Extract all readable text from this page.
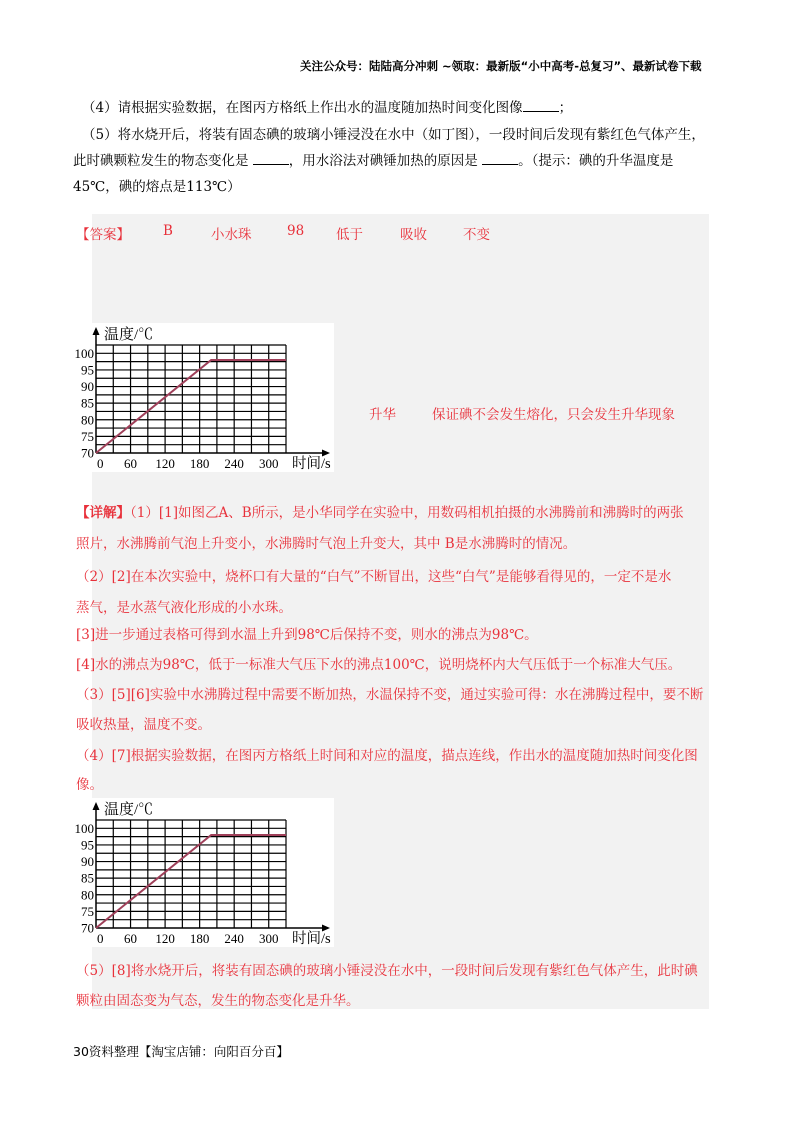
关注公众号：陆陆高分冲刺 ~领取：最新版“小中高考-总复习”、最新试卷下载
（4）请根据实验数据，在图丙方格纸上作出水的温度随加热时间变化图像	；
（5）将水烧开后，将装有固态碘的玻璃小锤浸没在水中（如丁图），一段时间后发现有紫红色气体产生，
此时碘颗粒发生的物态变化是	，用水浴法对碘锤加热的原因是	。（提示：碘的升华温度是
45℃，碘的熔点是113℃）
【答案】 B	小水珠	98 低于	吸收	不变
温度/℃
时间/s
70
75
80
85
90
95
100
0 60 120 180 240 300
升华	保证碘不会发生熔化，只会发生升华现象
【详解】（1）[1]如图乙A、B所示，是小华同学在实验中，用数码相机拍摄的水沸腾前和沸腾时的两张
照片，水沸腾前气泡上升变小，水沸腾时气泡上升变大，其中 B是水沸腾时的情况。
（2）[2]在本次实验中，烧杯口有大量的“白气”不断冒出，这些“白气”是能够看得见的，一定不是水
蒸气，是水蒸气液化形成的小水珠。
[3]进一步通过表格可得到水温上升到98℃后保持不变，则水的沸点为98℃。
[4]水的沸点为98℃，低于一标准大气压下水的沸点100℃，说明烧杯内大气压低于一个标准大气压。
（3）[5][6]实验中水沸腾过程中需要不断加热，水温保持不变，通过实验可得：水在沸腾过程中，要不断
吸收热量，温度不变。
（4）[7]根据实验数据，在图丙方格纸上时间和对应的温度，描点连线，作出水的温度随加热时间变化图
像。
温度/℃
时间/s
70
75
80
85
90
95
100
0 60 120 180 240 300
（5）[8]将水烧开后，将装有固态碘的玻璃小锤浸没在水中，一段时间后发现有紫红色气体产生，此时碘
颗粒由固态变为气态，发生的物态变化是升华。
30资料整理【淘宝店铺：向阳百分百】
